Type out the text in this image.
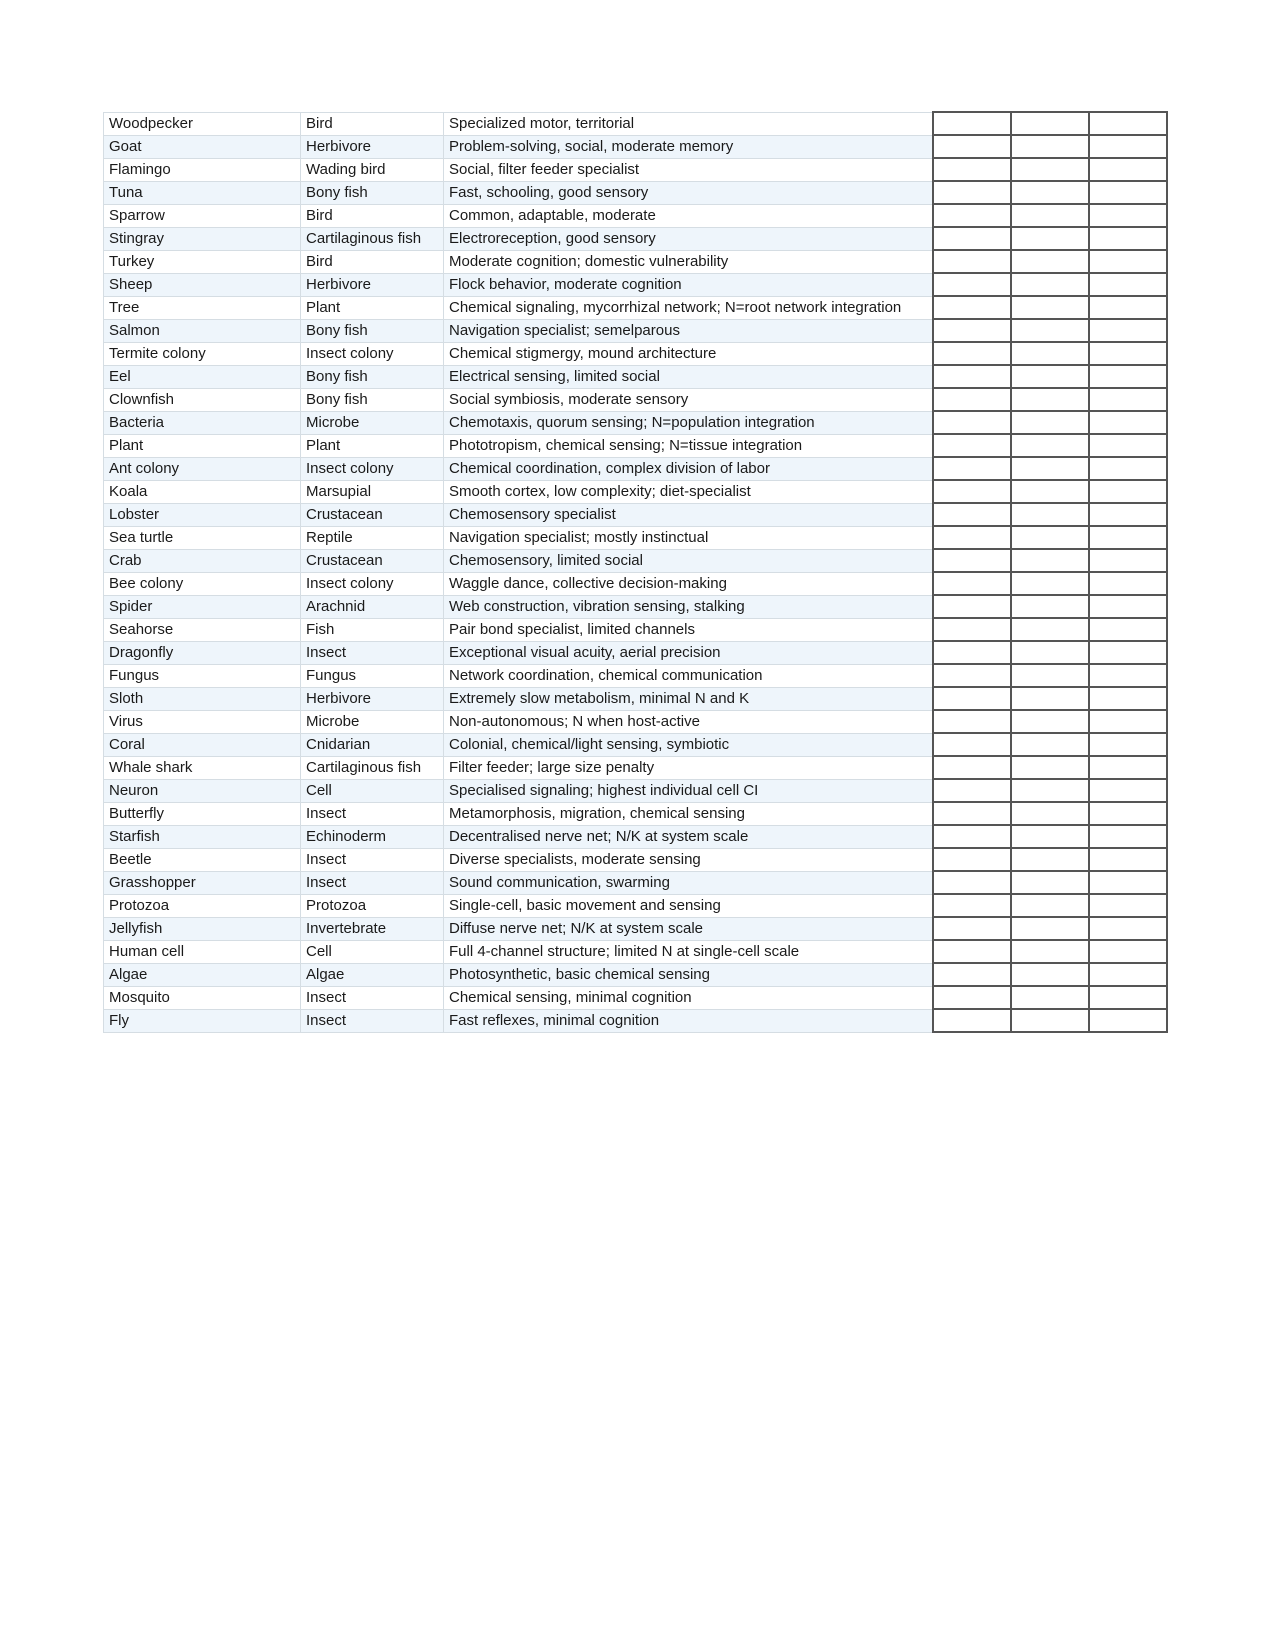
Woodpecker	Bird	Specialized motor, territorial			
Goat	Herbivore	Problem-solving, social, moderate memory			
Flamingo	Wading bird	Social, filter feeder specialist			
Tuna	Bony fish	Fast, schooling, good sensory			
Sparrow	Bird	Common, adaptable, moderate			
Stingray	Cartilaginous fish	Electroreception, good sensory			
Turkey	Bird	Moderate cognition; domestic vulnerability			
Sheep	Herbivore	Flock behavior, moderate cognition			
Tree	Plant	Chemical signaling, mycorrhizal network; N=root network integration			
Salmon	Bony fish	Navigation specialist; semelparous			
Termite colony	Insect colony	Chemical stigmergy, mound architecture			
Eel	Bony fish	Electrical sensing, limited social			
Clownfish	Bony fish	Social symbiosis, moderate sensory			
Bacteria	Microbe	Chemotaxis, quorum sensing; N=population integration			
Plant	Plant	Phototropism, chemical sensing; N=tissue integration			
Ant colony	Insect colony	Chemical coordination, complex division of labor			
Koala	Marsupial	Smooth cortex, low complexity; diet-specialist			
Lobster	Crustacean	Chemosensory specialist			
Sea turtle	Reptile	Navigation specialist; mostly instinctual			
Crab	Crustacean	Chemosensory, limited social			
Bee colony	Insect colony	Waggle dance, collective decision-making			
Spider	Arachnid	Web construction, vibration sensing, stalking			
Seahorse	Fish	Pair bond specialist, limited channels			
Dragonfly	Insect	Exceptional visual acuity, aerial precision			
Fungus	Fungus	Network coordination, chemical communication			
Sloth	Herbivore	Extremely slow metabolism, minimal N and K			
Virus	Microbe	Non-autonomous; N when host-active			
Coral	Cnidarian	Colonial, chemical/light sensing, symbiotic			
Whale shark	Cartilaginous fish	Filter feeder; large size penalty			
Neuron	Cell	Specialised signaling; highest individual cell CI			
Butterfly	Insect	Metamorphosis, migration, chemical sensing			
Starfish	Echinoderm	Decentralised nerve net; N/K at system scale			
Beetle	Insect	Diverse specialists, moderate sensing			
Grasshopper	Insect	Sound communication, swarming			
Protozoa	Protozoa	Single-cell, basic movement and sensing			
Jellyfish	Invertebrate	Diffuse nerve net; N/K at system scale			
Human cell	Cell	Full 4-channel structure; limited N at single-cell scale			
Algae	Algae	Photosynthetic, basic chemical sensing			
Mosquito	Insect	Chemical sensing, minimal cognition			
Fly	Insect	Fast reflexes, minimal cognition			
